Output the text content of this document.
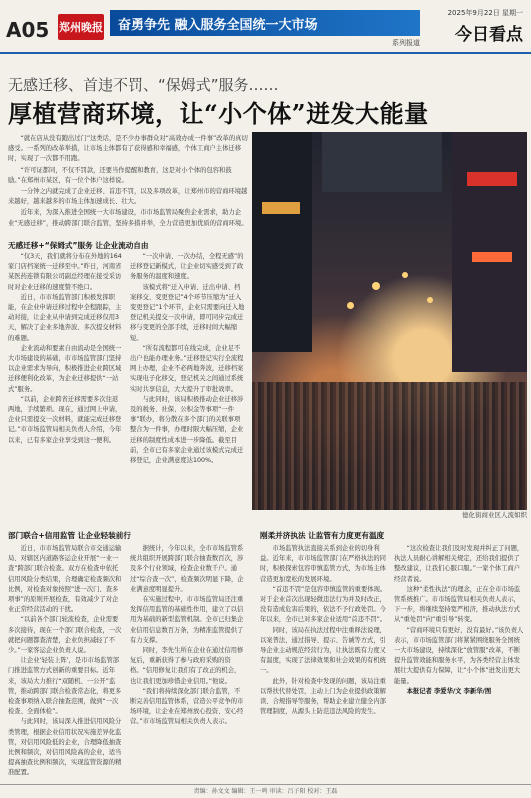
A05 郑州晚报	奋勇争先 融入服务全国统一大市场
系列报道
2025年9月22日 星期一
今日看点
无感迁移、首违不罚、“保姆式”服务……
厚植营商环境，让“小个体”迸发大能量

“就在店从没有跑出过门”这类话，是不少办事群众对“高效办成一件事”改革的真切感受。一系列的改革举措，让市场主体都有了获得感和幸福感，个体工商户主体迁移时，实现了一次都不用跑。

“许可证都同，不仅不罚款，还要当作提醒和教育，这是对小个体的包容和鼓励。”在郑州市某区，有一位个体户这样说。

一分钟之内就完成了企业迁移、首违不罚，以及多项改革，让郑州市的营商环境越来越好，越来越多的市场主体加速成长、壮大。

近年来，为深入推进全国统一大市场建设，市市场监管局聚焦企业需求，助力企业“无感迁移”，推动跨部门联合监管，坚持多措并举，全力营造更加优质的营商环境。

德化街商业区人流如织
无感迁移+“保姆式”服务 让企业流动自由

“仅3天，我们就将分布在外地的164家门店档案统一迁移至中。”昨日，河南省某医药连锁有限公司副总经理在接受采访时对企业迁移的速度赞不绝口。

近日，市市场监管部门积极发挥职能，在企业申请迁移过程中全程跟踪，主动对接，让企业从申请到完成迁移仅用3天，解决了企业多地奔波、多次提交材料的难题。

企业流动和要素自由流动是全国统一大市场建设的基础，市市场监管部门坚持以企业需求为导向，积极推进企业跨区域迁移便利化改革，为企业迁移提供“一站式”服务。

“以前，企业跨省迁移需要多次往返两地，手续繁琐。现在，通过网上申请，企业只需提交一次材料，就能完成迁移登记。”市市场监管局相关负责人介绍，今年以来，已有多家企业享受到这一便利。

“一次申请、一次办结，全程无感”的迁移登记新模式，让企业切实感受到了政务服务的温度和速度。

该模式将“迁入申请、迁出申请、档案移交、变更登记”4个环节压缩为“迁入变更登记”1个环节，企业只需要向迁入地登记机关提交一次申请，即可同步完成迁移与变更的全部手续，迁移时间大幅缩短。

“所有流程都可在线完成，企业足不出户也能办理业务。”迁移登记实行全流程网上办理，企业不必两地奔波，迁移档案实现电子化移交，登记机关之间通过系统实时共享信息，大大提升了审批效率。

与此同时，该局积极推动企业迁移涉及的税务、社保、公积金等事项“一件事”联办，将分散在多个部门的关联事项整合为一件事，办理时限大幅压缩，企业迁移的制度性成本进一步降低。截至目前，全市已有多家企业通过该模式完成迁移登记，企业满意度达100%。

部门联合+信用监管 让企业轻装前行

近日，市市场监管局联合市交通运输局、对辖区内道路客运企业开展“一业一查”跨部门联合检查。双方在检查中依托信用风险分类结果，合理确定检查频次和比例，对检查对象按照“进一次门、查多项事”的原则开展检查，有效减少了对企业正常经营活动的干扰。

“以前各个部门轮流检查，企业需要多次接待，现在一个部门联合检查，一次就把问题都查清楚，企业负担减轻了不少。”一家客运企业负责人说。

让企业‘轻装上阵’，是市市场监管部门推进监管方式创新的重要目标。近年来，该局大力推行“双随机、一公开”监管，推动跨部门联合检查常态化，将更多检查事项纳入联合抽查范围，做到“一次检查、全面体检”。

与此同时，该局深入推进信用风险分类管理，根据企业信用状况实施差异化监管，对信用风险低的企业，合理降低抽查比例和频次，对信用风险高的企业，适当提高抽查比例和频次，实现监管资源的精准配置。

据统计，今年以来，全市市场监管系统共组织开展跨部门联合抽查数百次，涉及多个行业领域，检查企业数千户。通过“综合查一次”，检查频次明显下降，企业满意度明显提升。

在实施过程中，市市场监管局还注重发挥信用监管的基础性作用，建立了以信用为基础的新型监管机制。全市已归集企业信用信息数百万条，为精准监管提供了有力支撑。

同时，李先生所在企业在通过信用修复后，重新获得了参与政府采购的资格。“信用修复让我们有了改正的机会，也让我们更加珍惜企业信用。”他说。

“我们将持续深化部门联合监管，不断完善信用监管体系，营造公平竞争的市场环境，让企业在郑州放心投资、安心经营。”市市场监管局相关负责人表示。

刚柔并济执法 让监管有力度更有温度

市场监管执法直接关系到企业的切身利益。近年来，市市场监管部门在严格执法的同时，积极探索包容审慎监管方式，为市场主体营造更加宽松的发展环境。

“首违不罚”是包容审慎监管的重要体现。对于企业首次出现轻微违法行为并及时改正，没有造成危害后果的，依法不予行政处罚。今年以来，全市已对多家企业适用“首违不罚”。

同时，该局在执法过程中注重释法说理，以案普法，通过指导、提示、告诫等方式，引导企业主动规范经营行为，让执法既有力度又有温度，实现了法律效果和社会效果的有机统一。

此外，针对检查中发现的问题，该局注重以帮扶代替处罚，主动上门为企业提供政策解读、合规指导等服务，帮助企业建立健全内部管理制度，从源头上防范违法风险的发生。

“这次检查让我们及时发现并纠正了问题，执法人员耐心讲解相关规定，还给我们提供了整改建议，让我们心服口服。”一家个体工商户经营者说。

这种“柔性执法”的理念，正在全市市场监管系统推广。市市场监管局相关负责人表示，下一步，将继续坚持宽严相济，推动执法方式从“重处罚”向“重引导”转变。

“营商环境只有更好，没有最好。”该负责人表示，市市场监管部门将紧紧围绕服务全国统一大市场建设，持续深化“放管服”改革，不断提升监管效能和服务水平，为各类经营主体发展壮大提供有力保障，让“小个体”迸发出更大能量。

本报记者 李爱华/文 李新华/图

责编：孙文文 编辑：王一鸣 审读：吕子阳 校对：王磊
